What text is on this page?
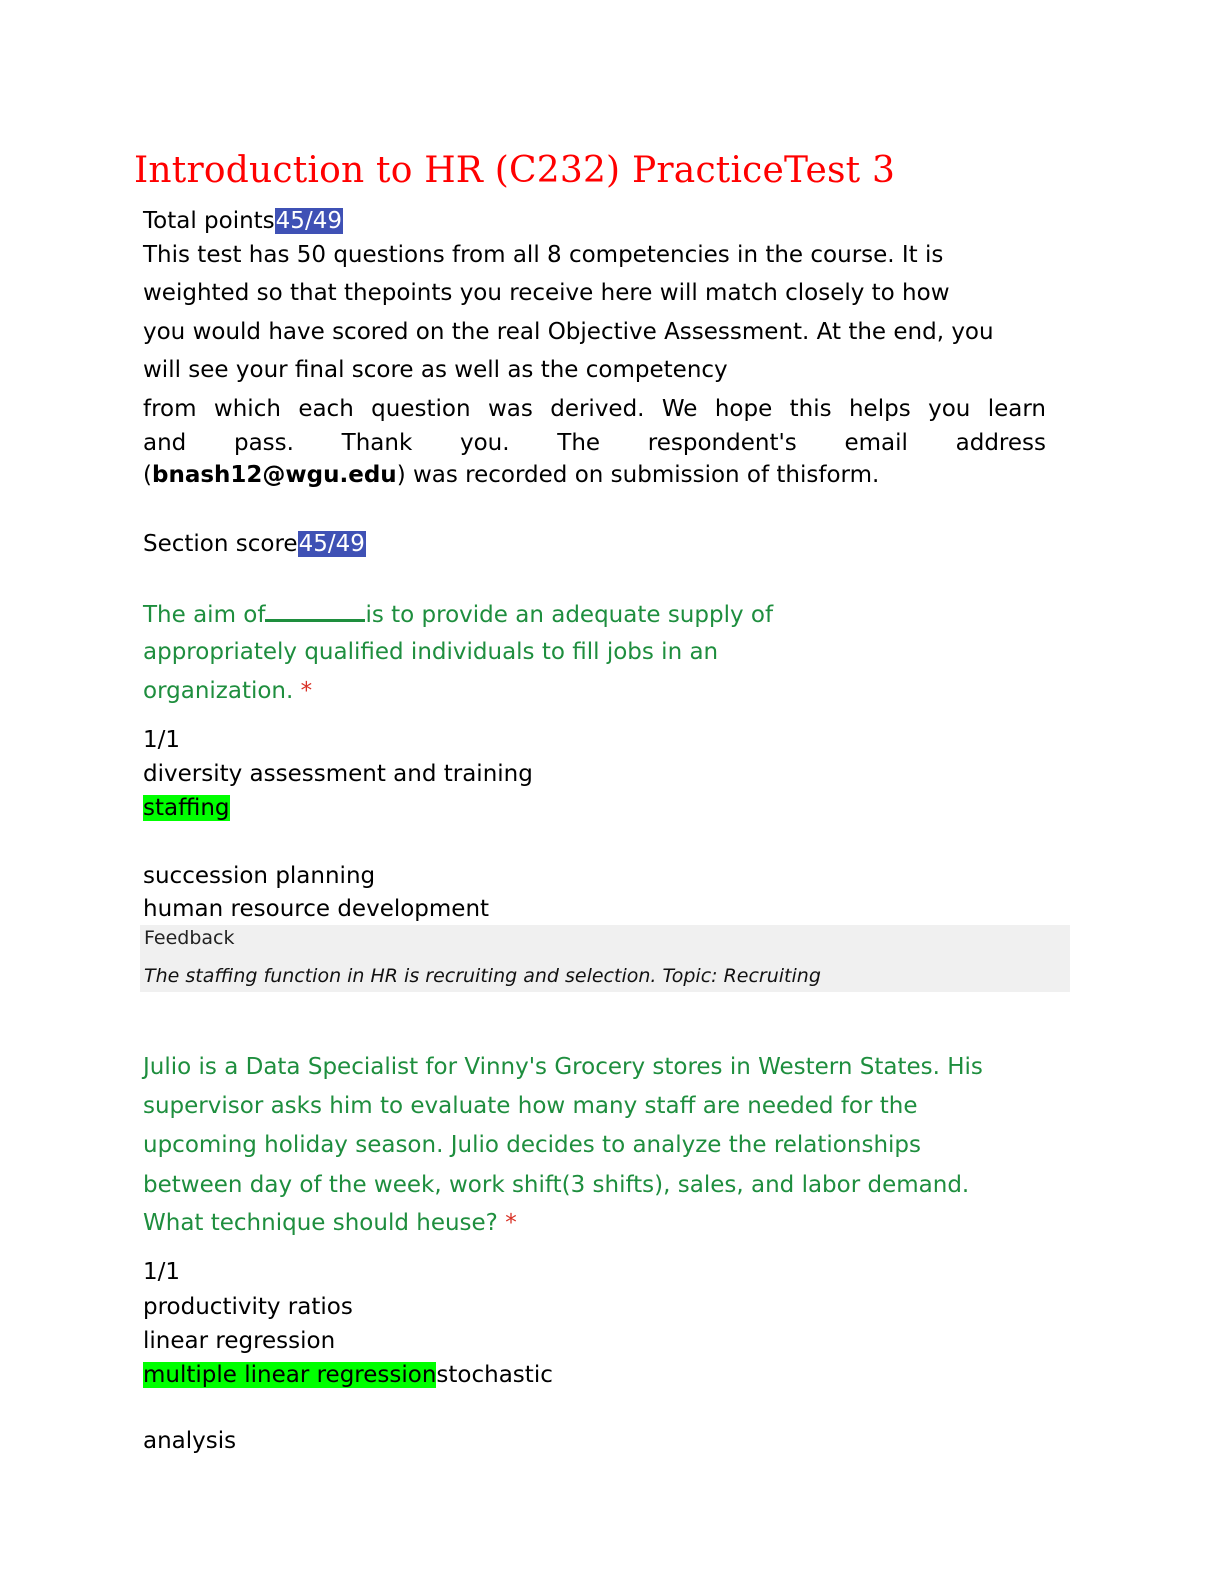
Introduction to HR (C232) PracticeTest 3
Total points45/49
This test has 50 questions from all 8 competencies in the course. It is
weighted so that thepoints you receive here will match closely to how
you would have scored on the real Objective Assessment. At the end, you
will see your final score as well as the competency
from which each question was derived. We hope this helps you learn
and pass. Thank you. The respondent's email address
(bnash12@wgu.edu) was recorded on submission of thisform.
Section score45/49
The aim of	is to provide an adequate supply of
appropriately qualified individuals to fill jobs in an
organization. *
1/1
diversity assessment and training
staffing
succession planning
human resource development
Feedback
The staffing function in HR is recruiting and selection. Topic: Recruiting
Julio is a Data Specialist for Vinny's Grocery stores in Western States. His
supervisor asks him to evaluate how many staff are needed for the
upcoming holiday season. Julio decides to analyze the relationships
between day of the week, work shift(3 shifts), sales, and labor demand.
What technique should heuse? *
1/1
productivity ratios
linear regression
multiple linear regressionstochastic
analysis
